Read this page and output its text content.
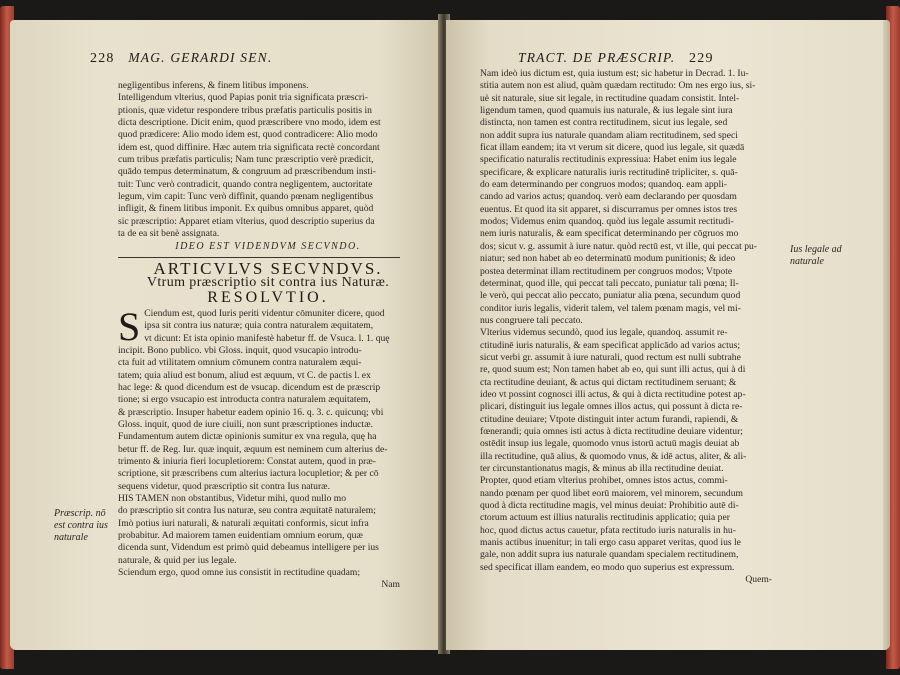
228 MAG. GERARDI SEN.
negligentibus inferens, & finem litibus imponens.
Intelligendum vlterius, quod Papias ponit tria significata præscri-
ptionis, quæ videtur respondere tribus præfatis particulis positis in
dicta descriptione. Dicit enim, quod præscribere vno modo, idem est
quod prædicere: Alio modo idem est, quod contradicere: Alio modo
idem est, quod diffinire. Hæc autem tria significata rectè concordant
cum tribus præfatis particulis; Nam tunc præscriptio verè prædicit,
quādo tempus determinatum, & congruum ad præscribendum insti-
tuit: Tunc verò contradicit, quando contra negligentem, auctoritate
legum, vim capit: Tunc verò diffinit, quando pœnam negligentibus
infligit, & finem litibus imponit. Ex quibus omnibus apparet, quòd
sic præscriptio: Apparet etiam vlterius, quod descriptio superius da
ta de ea sit benè assignata.
IDEO EST VIDENDVM SECVNDO.
ARTICVLVS SECVNDVS.
Vtrum præscriptio sit contra ius Naturæ.
RESOLVTIO.
S Ciendum est, quod Iuris periti videntur cōmuniter dicere, quod
ipsa sit contra ius naturæ; quia contra naturalem æquitatem,
vt dicunt: Et ista opinio manifestè habetur ff. de Vsuca. l. 1. quę
incipit. Bono publico. vbi Gloss. inquit, quod vsucapio introdu-
cta fuit ad vtilitatem omnium cōmunem contra naturalem æqui-
tatem; quia aliud est bonum, aliud est æquum, vt C. de pactis l. ex
hac lege: & quod dicendum est de vsucap. dicendum est de præscrip
tione; si ergo vsucapio est introducta contra naturalem æquitatem,
& præscriptio. Insuper habetur eadem opinio 16. q. 3. c. quicunq; vbi
Gloss. inquit, quod de iure ciuili, non sunt præscriptiones inductæ.
Fundamentum autem dictæ opinionis sumitur ex vna regula, quę ha
betur ff. de Reg. Iur. quæ inquit, æquum est neminem cum alterius de-
trimento & iniuria fieri locupletiorem: Constat autem, quod in præ-
scriptione, sit præscribens cum alterius iactura locupletior; & per cō
sequens videtur, quod præscriptio sit contra Ius naturæ.
HIS TAMEN non obstantibus, Videtur mihi, quod nullo mo
do præscriptio sit contra Ius naturæ, seu contra æquitatē naturalem;
Imò potius iuri naturali, & naturali æquitati conformis, sicut infra
probabitur. Ad maiorem tamen euidentiam omnium eorum, quæ
dicenda sunt, Videndum est primò quid debeamus intelligere per ius
naturale, & quid per ius legale.
Sciendum ergo, quod omne ius consistit in rectitudine quadam;
Nam
Præscrip. nō est contra ius naturale
TRACT. DE PRÆSCRIP. 229
Nam ideò ius dictum est, quia iustum est; sic habetur in Decrad. 1. Iu-
stitia autem non est aliud, quàm quædam rectitudo: Om nes ergo ius, si-
uè sit naturale, siue sit legale, in rectitudine quadam consistit. Intel-
ligendum tamen, quod quamuis ius naturale, & ius legale sint iura
distincta, non tamen est contra rectitudinem, sicut ius legale, sed
non addit supra ius naturale quandam aliam rectitudinem, sed speci
ficat illam eandem; ita vt verum sit dicere, quod ius legale, sit quædā
specificatio naturalis rectitudinis expressiua: Habet enim ius legale
specificare, & explicare naturalis iuris rectitudinē tripliciter, s. quā-
do eam determinando per congruos modos; quandoq. eam appli-
cando ad varios actus; quandoq. verò eam declarando per quosdam
euentus. Et quod ita sit apparet, si discurramus per omnes istos tres
modos; Videmus enim quandoq. quòd ius legale assumit rectitudi-
nem iuris naturalis, & eam specificat determinando per cōgruos mo
dos; sicut v. g. assumit à iure natur. quòd rectū est, vt ille, qui peccat pu-
niatur; sed non habet ab eo determinatū modum punitionis; & ideo
postea determinat illam rectitudinem per congruos modos; Vtpote
determinat, quod ille, qui peccat tali peccato, puniatur tali pœna; Il-
le verò, qui peccat alio peccato, puniatur alia pœna, secundum quod
conditor iuris legalis, viderit talem, vel talem pœnam magis, vel mi-
nus congruere tali peccato.
Vlterius videmus secundò, quod ius legale, quandoq. assumit re-
ctitudinē iuris naturalis, & eam specificat applicādo ad varios actus;
sicut verbi gr. assumit à iure naturali, quod rectum est nulli subtrahe
re, quod suum est; Non tamen habet ab eo, qui sunt illi actus, qui à di
cta rectitudine deuiant, & actus qui dictam rectitudinem seruant; &
ideo vt possint cognosci illi actus, & qui à dicta rectitudine potest ap-
plicari, distinguit ius legale omnes illos actus, qui possunt à dicta re-
ctitudine deuiare; Vtpote distinguit inter actum furandi, rapiendi, &
fœnerandi; quia omnes isti actus à dicta rectitudine deuiare videntur;
ostēdit insup ius legale, quomodo vnus istorū actuū magis deuiat ab
illa rectitudine, quā alius, & quomodo vnus, & idē actus, aliter, & ali-
ter circunstantionatus magis, & minus ab illa rectitudine deuiat.
Propter, quod etiam vlterius prohibet, omnes istos actus, commi-
nando pœnam per quod libet eorū maiorem, vel minorem, secundum
quod à dicta rectitudine magis, vel minus deuiat: Prohibitio autē di-
ctorum actuum est illius naturalis rectitudinis applicatio; quia per
hoc, quod dictus actus cauetur, pfata rectitudo iuris naturalis in hu-
manis actibus inuenitur; in tali ergo casu apparet veritas, quod ius le
gale, non addit supra ius naturale quandam specialem rectitudinem,
sed specificat illam eandem, eo modo quo superius est expressum.
Quem-
Ius legale ad naturale
